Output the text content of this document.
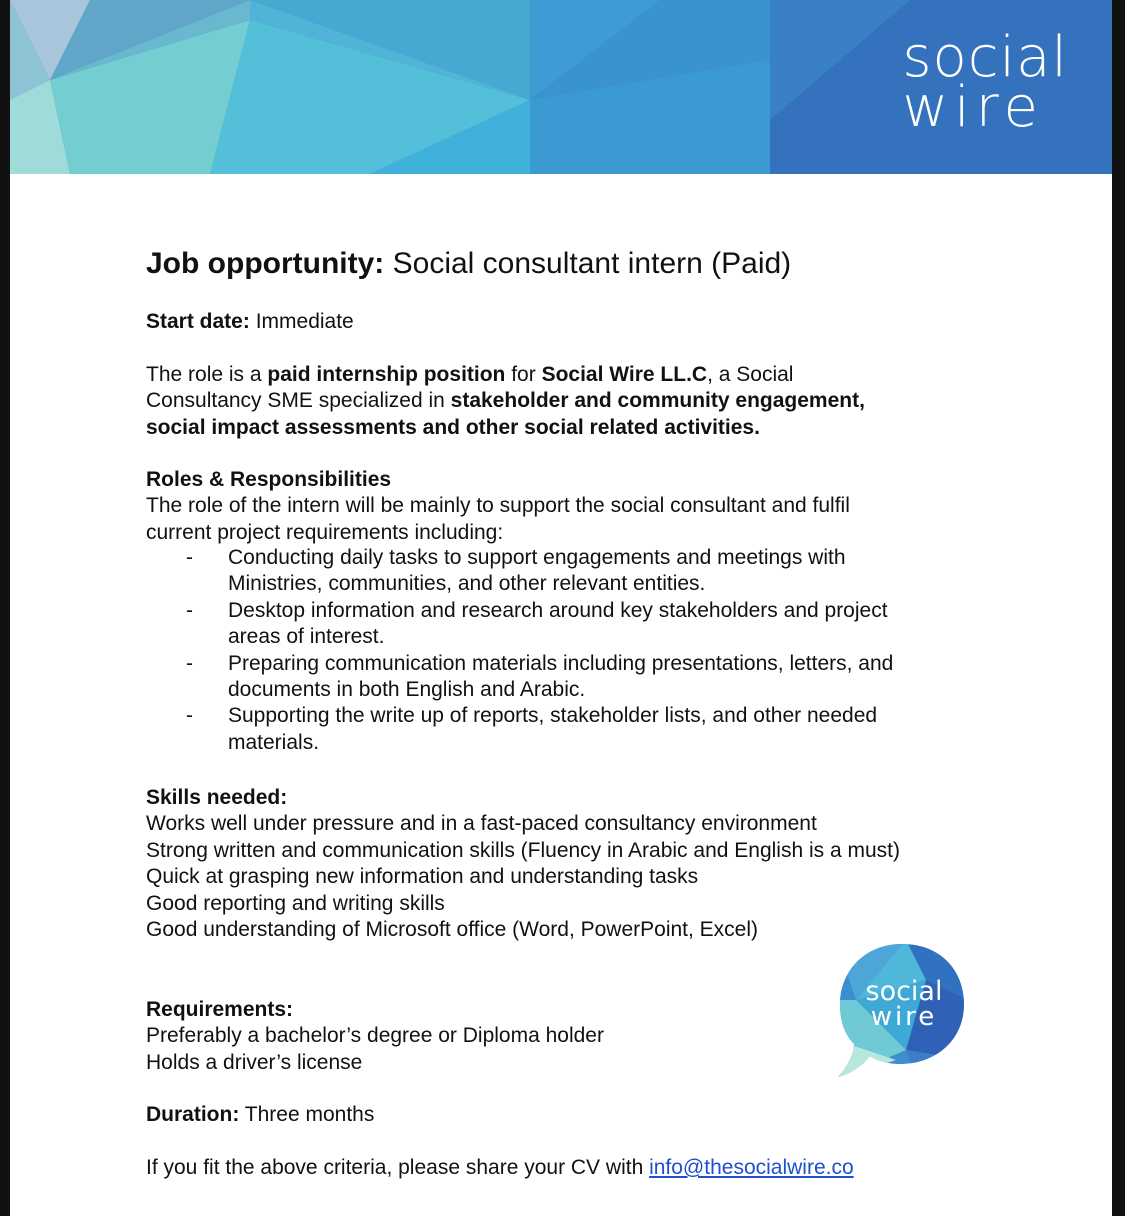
social
wire
Job opportunity: Social consultant intern (Paid)
Start date: Immediate
The role is a paid internship position for Social Wire LL.C, a Social
Consultancy SME specialized in stakeholder and community engagement,
social impact assessments and other social related activities.
Roles & Responsibilities
The role of the intern will be mainly to support the social consultant and fulfil
current project requirements including:
- Conducting daily tasks to support engagements and meetings with
Ministries, communities, and other relevant entities.
- Desktop information and research around key stakeholders and project
areas of interest.
- Preparing communication materials including presentations, letters, and
documents in both English and Arabic.
- Supporting the write up of reports, stakeholder lists, and other needed
materials.
Skills needed:
Works well under pressure and in a fast-paced consultancy environment
Strong written and communication skills (Fluency in Arabic and English is a must)
Quick at grasping new information and understanding tasks
Good reporting and writing skills
Good understanding of Microsoft office (Word, PowerPoint, Excel)
Requirements:
Preferably a bachelor’s degree or Diploma holder
Holds a driver’s license
Duration: Three months
If you fit the above criteria, please share your CV with info@thesocialwire.co
social
wire
